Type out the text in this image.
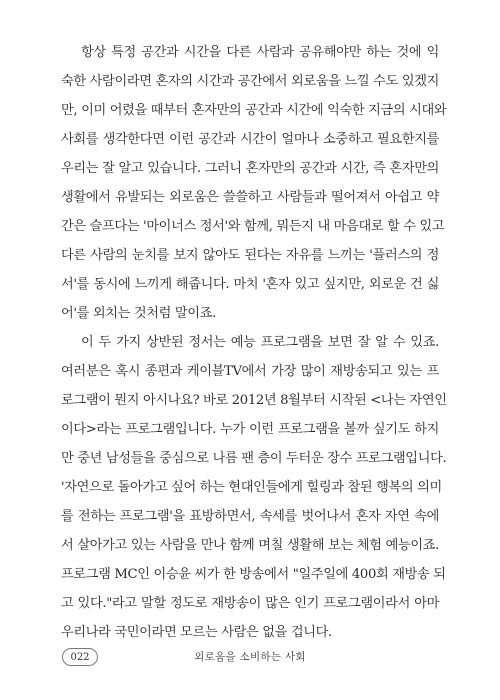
항상 특정 공간과 시간을 다른 사람과 공유해야만 하는 것에 익
숙한 사람이라면 혼자의 시간과 공간에서 외로움을 느낄 수도 있겠지
만, 이미 어렸을 때부터 혼자만의 공간과 시간에 익숙한 지금의 시대와
사회를 생각한다면 이런 공간과 시간이 얼마나 소중하고 필요한지를
우리는 잘 알고 있습니다. 그러니 혼자만의 공간과 시간, 즉 혼자만의
생활에서 유발되는 외로움은 쓸쓸하고 사람들과 떨어져서 아쉽고 약
간은 슬프다는 '마이너스 정서'와 함께, 뭐든지 내 마음대로 할 수 있고
다른 사람의 눈치를 보지 않아도 된다는 자유를 느끼는 '플러스의 정
서'를 동시에 느끼게 해줍니다. 마치 '혼자 있고 싶지만, 외로운 건 싫
어'를 외치는 것처럼 말이죠.
이 두 가지 상반된 정서는 예능 프로그램을 보면 잘 알 수 있죠.
여러분은 혹시 종편과 케이블TV에서 가장 많이 재방송되고 있는 프
로그램이 뭔지 아시나요? 바로 2012년 8월부터 시작된 <나는 자연인
이다>라는 프로그램입니다. 누가 이런 프로그램을 볼까 싶기도 하지
만 중년 남성들을 중심으로 나름 팬 층이 두터운 장수 프로그램입니다.
'자연으로 돌아가고 싶어 하는 현대인들에게 힐링과 참된 행복의 의미
를 전하는 프로그램'을 표방하면서, 속세를 벗어나서 혼자 자연 속에
서 살아가고 있는 사람을 만나 함께 며칠 생활해 보는 체험 예능이죠.
프로그램 MC인 이승윤 씨가 한 방송에서 "일주일에 400회 재방송 되
고 있다."라고 말할 정도로 재방송이 많은 인기 프로그램이라서 아마
우리나라 국민이라면 모르는 사람은 없을 겁니다.
외로움을 소비하는 사회
022
